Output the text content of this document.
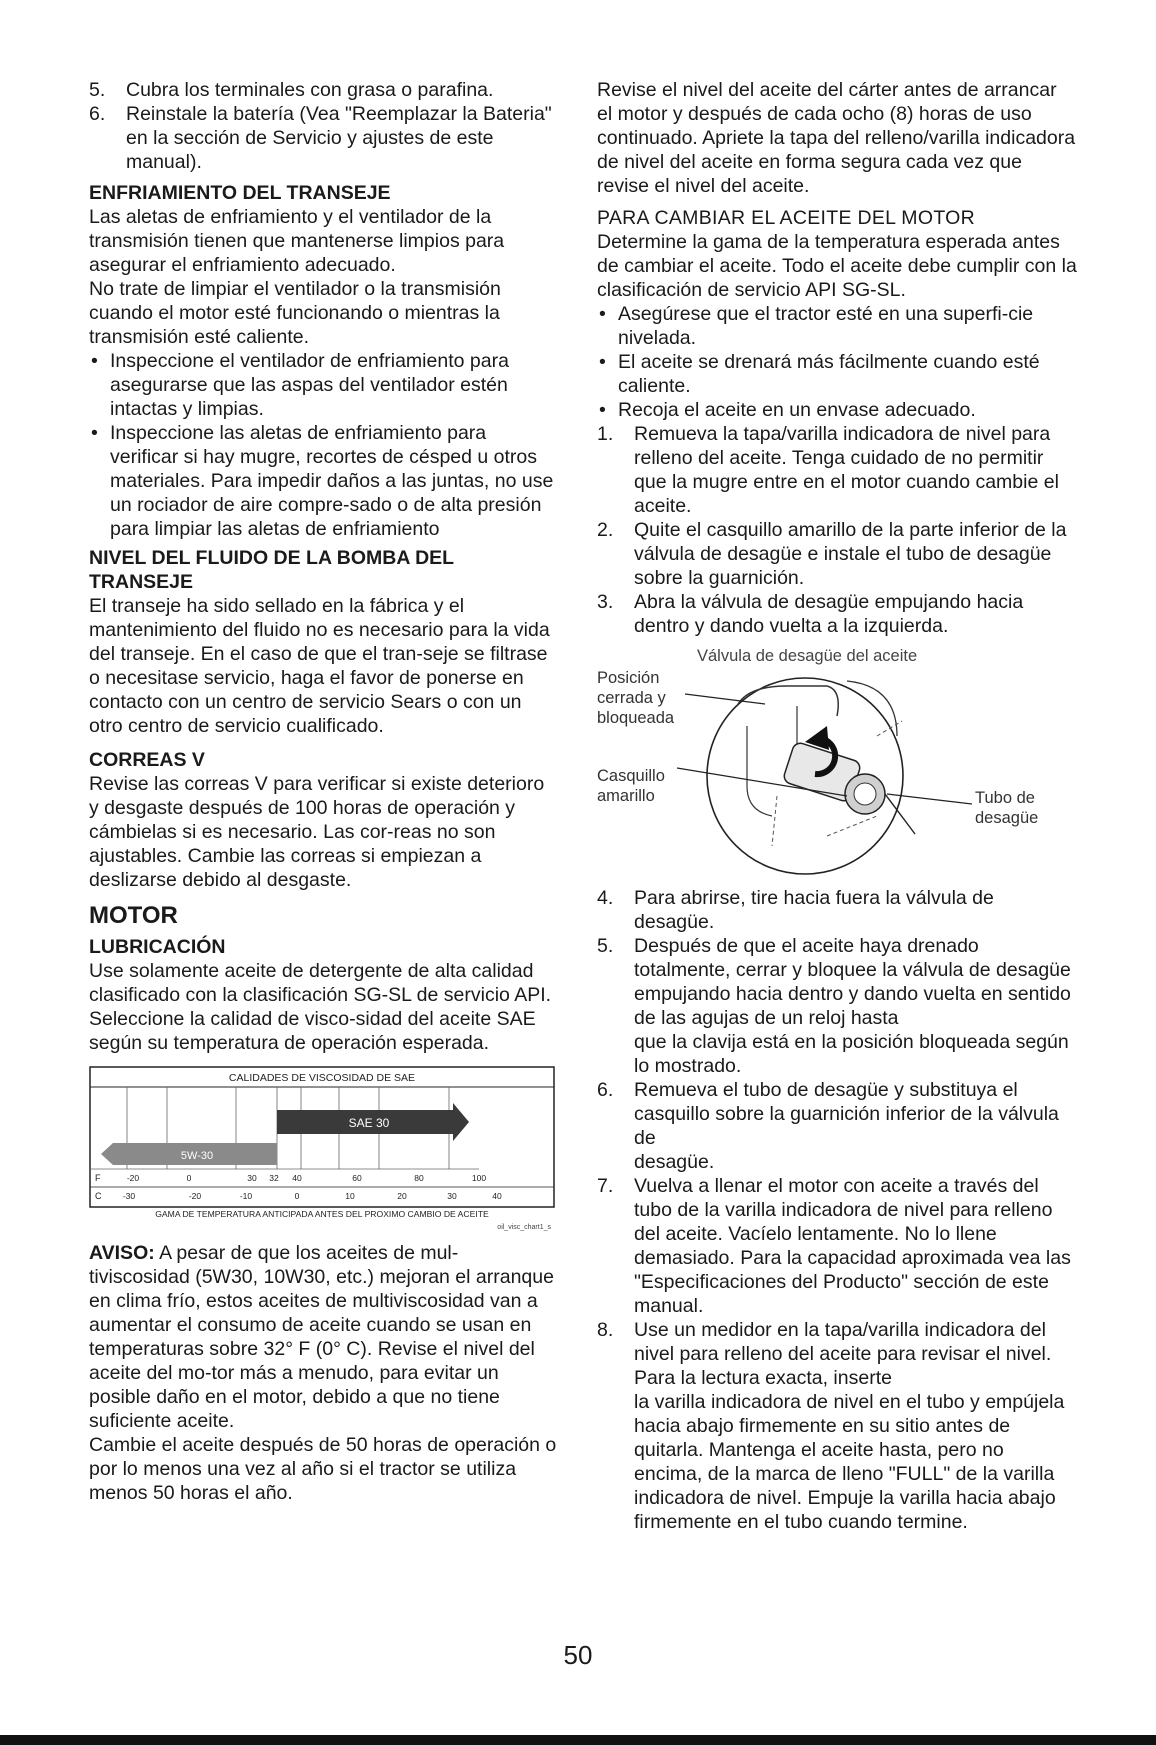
5. Cubra los terminales con grasa o parafina.
6. Reinstale la batería (Vea "Reemplazar la Bateria" en la sección de Servicio y ajustes de este manual).
ENFRIAMIENTO DEL TRANSEJE

Las aletas de enfriamiento y el ventilador de la transmisión tienen que mantenerse limpios para asegurar el enfriamiento adecuado.

No trate de limpiar el ventilador o la transmisión cuando el motor esté funcionando o mientras la transmisión esté caliente.

• Inspeccione el ventilador de enfriamiento para asegurarse que las aspas del ventilador estén intactas y limpias.
• Inspeccione las aletas de enfriamiento para verificar si hay mugre, recortes de césped u otros materiales. Para impedir daños a las juntas, no use un rociador de aire compre-sado o de alta presión para limpiar las aletas de enfriamiento
NIVEL DEL FLUIDO DE LA BOMBA DEL TRANSEJE

El transeje ha sido sellado en la fábrica y el mantenimiento del fluido no es necesario para la vida del transeje. En el caso de que el tran-seje se filtrase o necesitase servicio, haga el favor de ponerse en contacto con un centro de servicio Sears o con un otro centro de servicio cualificado.

CORREAS V

Revise las correas V para verificar si existe deterioro y desgaste después de 100 horas de operación y cámbielas si es necesario. Las cor-reas no son ajustables. Cambie las correas si empiezan a deslizarse debido al desgaste.

MOTOR
LUBRICACIÓN

Use solamente aceite de detergente de alta calidad clasificado con la clasificación SG-SL de servicio API. Seleccione la calidad de visco-sidad del aceite SAE según su temperatura de operación esperada.

CALIDADES DE VISCOSIDAD DE SAE
SAE 30
5W-30
F	-20	0	30 32 40	60	80	100
C	-30	-20	-10	0	10	20	30	40
GAMA DE TEMPERATURA ANTICIPADA ANTES DEL PROXIMO CAMBIO DE ACEITE
oil_visc_chart1_s

AVISO: A pesar de que los aceites de mul-tiviscosidad (5W30, 10W30, etc.) mejoran el arranque en clima frío, estos aceites de multiviscosidad van a aumentar el consumo de aceite cuando se usan en temperaturas sobre 32° F (0° C). Revise el nivel del aceite del mo-tor más a menudo, para evitar un posible daño en el motor, debido a que no tiene suficiente aceite.

Cambie el aceite después de 50 horas de operación o por lo menos una vez al año si el tractor se utiliza menos 50 horas el año.

Revise el nivel del aceite del cárter antes de arrancar el motor y después de cada ocho (8) horas de uso continuado. Apriete la tapa del relleno/varilla indicadora de nivel del aceite en forma segura cada vez que revise el nivel del aceite.

PARA CAMBIAR EL ACEITE DEL MOTOR

Determine la gama de la temperatura esperada antes de cambiar el aceite. Todo el aceite debe cumplir con la clasificación de servicio API SG-SL.

• Asegúrese que el tractor esté en una superfi-cie nivelada.
• El aceite se drenará más fácilmente cuando esté caliente.
• Recoja el aceite en un envase adecuado.
1. Remueva la tapa/varilla indicadora de nivel para relleno del aceite. Tenga cuidado de no permitir que la mugre entre en el motor cuando cambie el aceite.
2. Quite el casquillo amarillo de la parte inferior de la válvula de desagüe e instale el tubo de desagüe sobre la guarnición.
3. Abra la válvula de desagüe empujando hacia dentro y dando vuelta a la izquierda.
Válvula de desagüe del aceite
Posición
cerrada y
bloqueada
Casquillo
amarillo	Tubo de
desagüe
4. Para abrirse, tire hacia fuera la válvula de desagüe.
5. Después de que el aceite haya drenado totalmente, cerrar y bloquee la válvula de desagüe empujando hacia dentro y dando vuelta en sentido de las agujas de un reloj hasta
que la clavija está en la posición bloqueada según lo mostrado.
6. Remueva el tubo de desagüe y substituya el casquillo sobre la guarnición inferior de la válvula de
desagüe.
7. Vuelva a llenar el motor con aceite a través del tubo de la varilla indicadora de nivel para relleno del aceite. Vacíelo lentamente. No lo llene demasiado. Para la capacidad aproximada vea las "Especificaciones del Producto" sección de este manual.
8. Use un medidor en la tapa/varilla indicadora del nivel para relleno del aceite para revisar el nivel. Para la lectura exacta, inserte
la varilla indicadora de nivel en el tubo y empújela hacia abajo firmemente en su sitio antes de quitarla. Mantenga el aceite hasta, pero no encima, de la marca de lleno "FULL" de la varilla indicadora de nivel. Empuje la varilla hacia abajo firmemente en el tubo cuando termine.
50
